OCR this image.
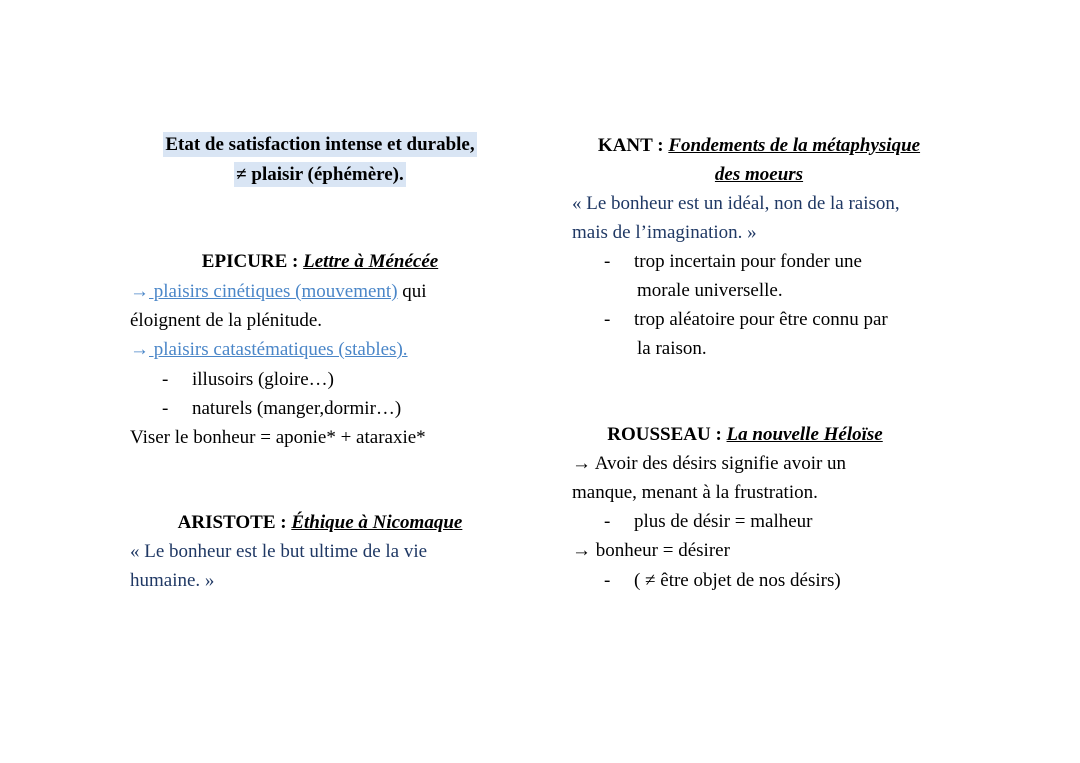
Etat de satisfaction intense et durable,
≠ plaisir (éphémère).
EPICURE : Lettre à Ménécée
→ plaisirs cinétiques (mouvement) qui
éloignent de la plénitude.
→ plaisirs catastématiques (stables).
- illusoirs (gloire…)
- naturels (manger,dormir…)
Viser le bonheur = aponie* + ataraxie*
ARISTOTE : Éthique à Nicomaque
« Le bonheur est le but ultime de la vie
humaine. »
KANT : Fondements de la métaphysique
des moeurs
« Le bonheur est un idéal, non de la raison,
mais de l’imagination. »
- trop incertain pour fonder une
morale universelle.
- trop aléatoire pour être connu par
la raison.
ROUSSEAU : La nouvelle Héloïse
→ Avoir des désirs signifie avoir un
manque, menant à la frustration.
- plus de désir = malheur
→ bonheur = désirer
- ( ≠ être objet de nos désirs)
